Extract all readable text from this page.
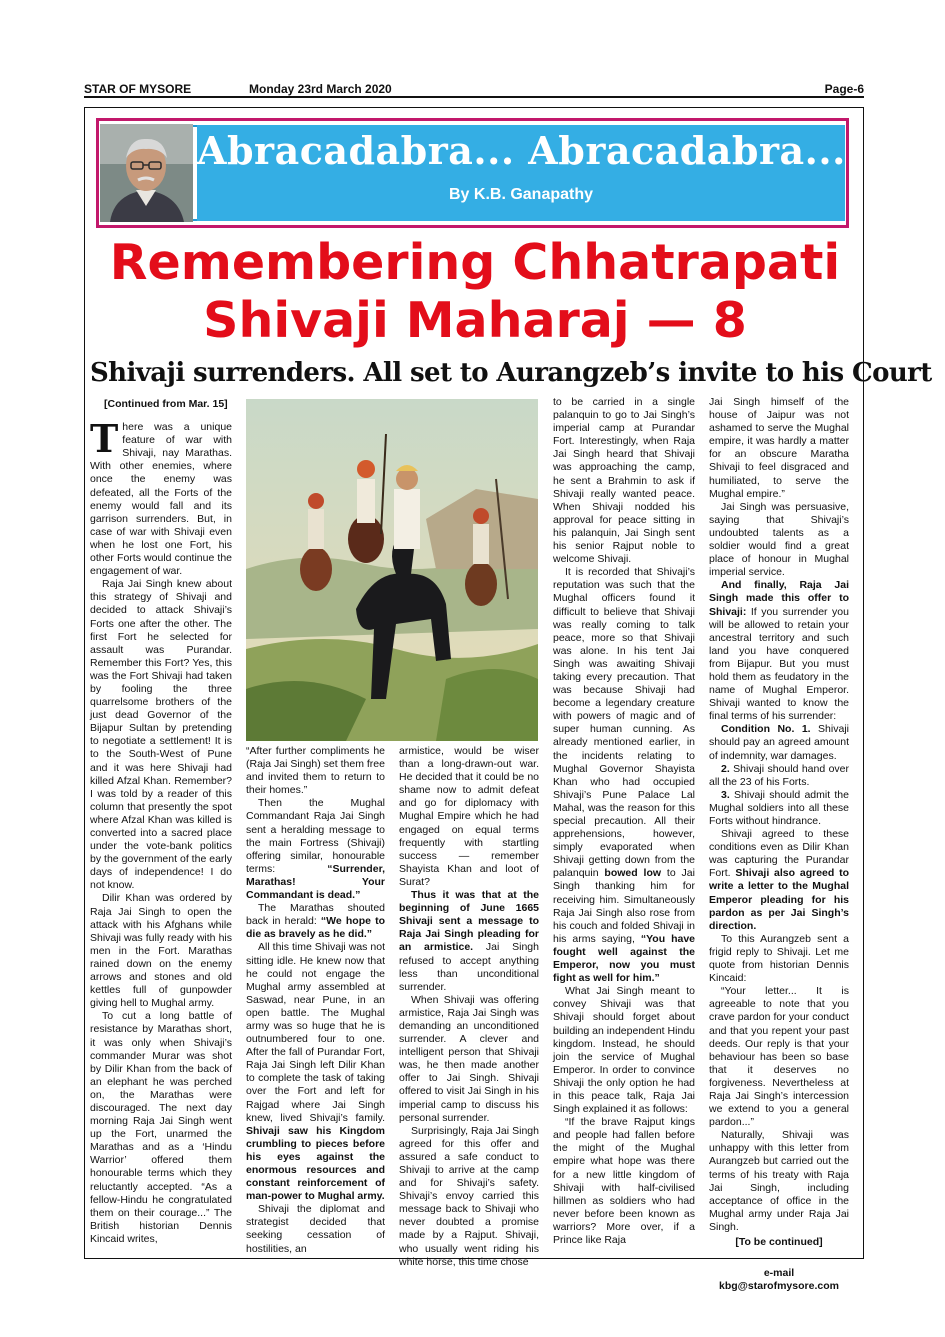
STAR OF MYSORE	Monday 23rd March 2020	Page-6
Abracadabra... Abracadabra...
By K.B. Ganapathy
Remembering Chhatrapati
Shivaji Maharaj — 8
Shivaji surrenders. All set to Aurangzeb’s invite to his Court

[Continued from Mar. 15]

There was a unique feature of war with Shivaji, nay Marathas. With other enemies, where once the enemy was defeated, all the Forts of the enemy would fall and its garrison surrenders. But, in case of war with Shivaji even when he lost one Fort, his other Forts would continue the engagement of war.

Raja Jai Singh knew about this strategy of Shivaji and decided to attack Shivaji’s Forts one after the other. The first Fort he selected for assault was Purandar. Remember this Fort? Yes, this was the Fort Shivaji had taken by fooling the three quarrelsome brothers of the just dead Governor of the Bijapur Sultan by pretending to negotiate a settlement! It is to the South-West of Pune and it was here Shivaji had killed Afzal Khan. Remember? I was told by a reader of this column that presently the spot where Afzal Khan was killed is converted into a sacred place under the vote-bank politics by the government of the early days of independence! I do not know.

Dilir Khan was ordered by Raja Jai Singh to open the attack with his Afghans while Shivaji was fully ready with his men in the Fort. Marathas rained down on the enemy arrows and stones and old kettles full of gunpowder giving hell to Mughal army.

To cut a long battle of resistance by Marathas short, it was only when Shivaji’s commander Murar was shot by Dilir Khan from the back of an elephant he was perched on, the Marathas were discouraged. The next day morning Raja Jai Singh went up the Fort, unarmed the Marathas and as a ‘Hindu Warrior’ offered them honourable terms which they reluctantly accepted. “As a fellow-Hindu he congratulated them on their courage...” The British historian Dennis Kincaid writes,

“After further compliments he (Raja Jai Singh) set them free and invited them to return to their homes.”

Then the Mughal Commandant Raja Jai Singh sent a heralding message to the main Fortress (Shivaji) offering similar, honourable terms: “Surrender, Marathas! Your Commandant is dead.”

The Marathas shouted back in herald: “We hope to die as bravely as he did.”

All this time Shivaji was not sitting idle. He knew now that he could not engage the Mughal army assembled at Saswad, near Pune, in an open battle. The Mughal army was so huge that he is outnumbered four to one. After the fall of Purandar Fort, Raja Jai Singh left Dilir Khan to complete the task of taking over the Fort and left for Rajgad where Jai Singh knew, lived Shivaji’s family. Shivaji saw his Kingdom crumbling to pieces before his eyes against the enormous resources and constant reinforcement of man-power to Mughal army.

Shivaji the diplomat and strategist decided that seeking cessation of hostilities, an

armistice, would be wiser than a long-drawn-out war. He decided that it could be no shame now to admit defeat and go for diplomacy with Mughal Empire which he had engaged on equal terms frequently with startling success — remember Shayista Khan and loot of Surat?

Thus it was that at the beginning of June 1665 Shivaji sent a message to Raja Jai Singh pleading for an armistice. Jai Singh refused to accept anything less than unconditional surrender.

When Shivaji was offering armistice, Raja Jai Singh was demanding an unconditioned surrender. A clever and intelligent person that Shivaji was, he then made another offer to Jai Singh. Shivaji offered to visit Jai Singh in his imperial camp to discuss his personal surrender.

Surprisingly, Raja Jai Singh agreed for this offer and assured a safe conduct to Shivaji to arrive at the camp and for Shivaji’s safety. Shivaji’s envoy carried this message back to Shivaji who never doubted a promise made by a Rajput. Shivaji, who usually went riding his white horse, this time chose

to be carried in a single palanquin to go to Jai Singh’s imperial camp at Purandar Fort. Interestingly, when Raja Jai Singh heard that Shivaji was approaching the camp, he sent a Brahmin to ask if Shivaji really wanted peace. When Shivaji nodded his approval for peace sitting in his palanquin, Jai Singh sent his senior Rajput noble to welcome Shivaji.

It is recorded that Shivaji’s reputation was such that the Mughal officers found it difficult to believe that Shivaji was really coming to talk peace, more so that Shivaji was alone. In his tent Jai Singh was awaiting Shivaji taking every precaution. That was because Shivaji had become a legendary creature with powers of magic and of super human cunning. As already mentioned earlier, in the incidents relating to Mughal Governor Shayista Khan who had occupied Shivaji’s Pune Palace Lal Mahal, was the reason for this special precaution. All their apprehensions, however, simply evaporated when Shivaji getting down from the palanquin bowed low to Jai Singh thanking him for receiving him. Simultaneously Raja Jai Singh also rose from his couch and folded Shivaji in his arms saying, “You have fought well against the Emperor, now you must fight as well for him.”

What Jai Singh meant to convey Shivaji was that Shivaji should forget about building an independent Hindu kingdom. Instead, he should join the service of Mughal Emperor. In order to convince Shivaji the only option he had in this peace talk, Raja Jai Singh explained it as follows:

“If the brave Rajput kings and people had fallen before the might of the Mughal empire what hope was there for a new little kingdom of Shivaji with half-civilised hillmen as soldiers who had never before been known as warriors? More over, if a Prince like Raja

Jai Singh himself of the house of Jaipur was not ashamed to serve the Mughal empire, it was hardly a matter for an obscure Maratha Shivaji to feel disgraced and humiliated, to serve the Mughal empire.”

Jai Singh was persuasive, saying that Shivaji’s undoubted talents as a soldier would find a great place of honour in Mughal imperial service.

And finally, Raja Jai Singh made this offer to Shivaji: If you surrender you will be allowed to retain your ancestral territory and such land you have conquered from Bijapur. But you must hold them as feudatory in the name of Mughal Emperor. Shivaji wanted to know the final terms of his surrender:

Condition No. 1. Shivaji should pay an agreed amount of indemnity, war damages.

2. Shivaji should hand over all the 23 of his Forts.

3. Shivaji should admit the Mughal soldiers into all these Forts without hindrance.

Shivaji agreed to these conditions even as Dilir Khan was capturing the Purandar Fort. Shivaji also agreed to write a letter to the Mughal Emperor pleading for his pardon as per Jai Singh’s direction.

To this Aurangzeb sent a frigid reply to Shivaji. Let me quote from historian Dennis Kincaid:

“Your letter... It is agreeable to note that you crave pardon for your conduct and that you repent your past deeds. Our reply is that your behaviour has been so base that it deserves no forgiveness. Nevertheless at Raja Jai Singh’s intercession we extend to you a general pardon...”

Naturally, Shivaji was unhappy with this letter from Aurangzeb but carried out the terms of his treaty with Raja Jai Singh, including acceptance of office in the Mughal army under Raja Jai Singh.

[To be continued]

e-mail

kbg@starofmysore.com
